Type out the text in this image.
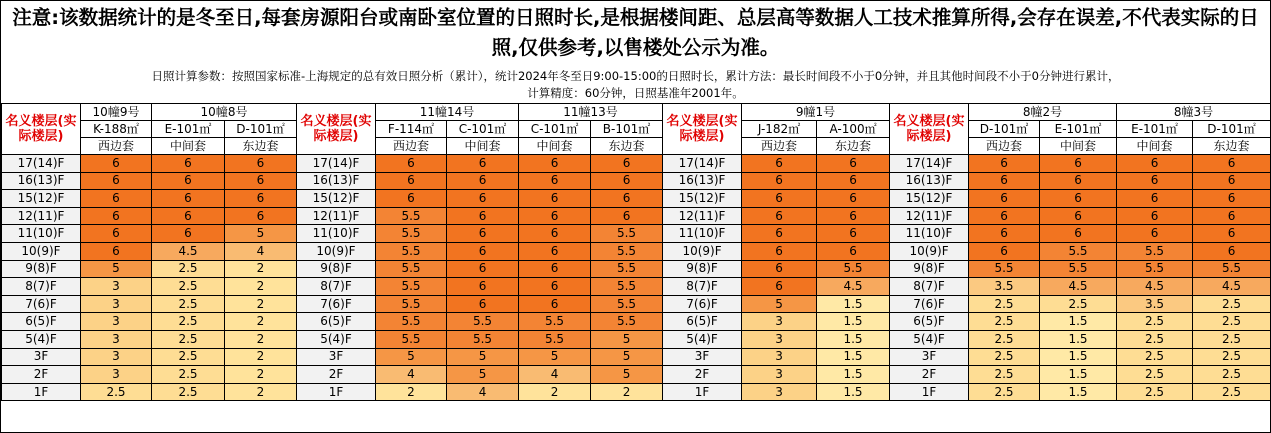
注意:该数据统计的是冬至日,每套房源阳台或南卧室位置的日照时长,是根据楼间距、总层高等数据人工技术推算所得,会存在误差,不代表实际的日照,仅供参考,以售楼处公示为准。
日照计算参数：按照国家标准-上海规定的总有效日照分析（累计），统计2024年冬至日9:00-15:00的日照时长，累计方法：最长时间段不小于0分钟，并且其他时间段不小于0分钟进行累计，
计算精度：60分钟，日照基准年2001年。
名义楼层(实际楼层)	10幢9号	10幢8号		名义楼层(实际楼层)	11幢14号		11幢13号		名义楼层(实际楼层)	9幢1号		名义楼层(实际楼层)	8幢2号		8幢3号	
	K-188㎡	E-101㎡	D-101㎡		F-114㎡	C-101㎡	C-101㎡	B-101㎡		J-182㎡	A-100㎡		D-101㎡	E-101㎡	E-101㎡	D-101㎡
	西边套	中间套	东边套		西边套	中间套	中间套	东边套		西边套	东边套		西边套	中间套	中间套	东边套
17(14)F	6	6	6	17(14)F	6	6	6	6	17(14)F	6	6	17(14)F	6	6	6	6
16(13)F	6	6	6	16(13)F	6	6	6	6	16(13)F	6	6	16(13)F	6	6	6	6
15(12)F	6	6	6	15(12)F	6	6	6	6	15(12)F	6	6	15(12)F	6	6	6	6
12(11)F	6	6	6	12(11)F	5.5	6	6	6	12(11)F	6	6	12(11)F	6	6	6	6
11(10)F	6	6	5	11(10)F	5.5	6	6	5.5	11(10)F	6	6	11(10)F	6	6	6	6
10(9)F	6	4.5	4	10(9)F	5.5	6	6	5.5	10(9)F	6	6	10(9)F	6	5.5	5.5	6
9(8)F	5	2.5	2	9(8)F	5.5	6	6	5.5	9(8)F	6	5.5	9(8)F	5.5	5.5	5.5	5.5
8(7)F	3	2.5	2	8(7)F	5.5	6	6	5.5	8(7)F	6	4.5	8(7)F	3.5	4.5	4.5	4.5
7(6)F	3	2.5	2	7(6)F	5.5	6	6	5.5	7(6)F	5	1.5	7(6)F	2.5	2.5	3.5	2.5
6(5)F	3	2.5	2	6(5)F	5.5	5.5	5.5	5.5	6(5)F	3	1.5	6(5)F	2.5	1.5	2.5	2.5
5(4)F	3	2.5	2	5(4)F	5.5	5.5	5.5	5	5(4)F	3	1.5	5(4)F	2.5	1.5	2.5	2.5
3F	3	2.5	2	3F	5	5	5	5	3F	3	1.5	3F	2.5	1.5	2.5	2.5
2F	3	2.5	2	2F	4	5	4	5	2F	3	1.5	2F	2.5	1.5	2.5	2.5
1F	2.5	2.5	2	1F	2	4	2	2	1F	3	1.5	1F	2.5	1.5	2.5	2.5
